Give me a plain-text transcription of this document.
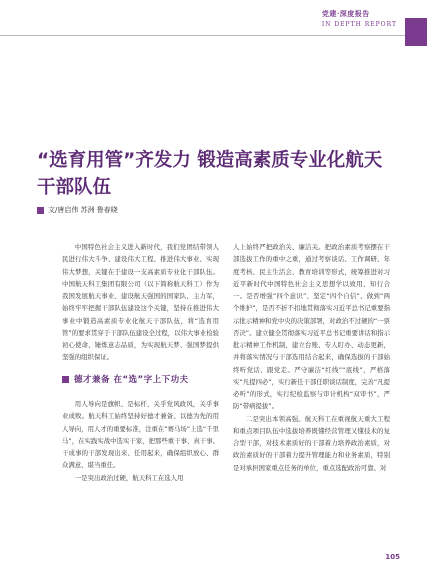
党建·深度报告
IN DEPTH REPORT
“选育用管”齐发力 锻造高素质专业化航天干部队伍
文/唐启伟 苏洲 鲁春晓

中国特色社会主义进入新时代，我们党团结带领人民进行伟大斗争、建设伟大工程、推进伟大事业、实现伟大梦想，关键在于建设一支高素质专业化干部队伍。中国航天科工集团有限公司（以下简称航天科工）作为我国发展航天事业、建设航天强国的国家队、主力军，始终牢牢把握干部队伍建设这个关键，坚持在推进伟大事业中锻造高素质专业化航天干部队伍，将“选育用管”的要求贯穿于干部队伍建设全过程，以伟大事业检验初心使命、锤炼意志品质，为实现航天梦、强国梦提供坚强的组织保证。

德才兼备 在“选”字上下功夫

用人导向是旗帜、是标杆，关乎党风政风，关乎事业成败。航天科工始终坚持好德才兼备、以德为先的用人导向，用人才的重要标准，注重在“赛马场”上选“千里马”，在实践实战中选实干家，把那些重干事、真干事、干成事的干部发现出来、任用起来，确保组织放心、群众满意、堪当重任。

一是突出政治过硬，航天科工在选人用

人上始终严把政治关、廉洁关。把政治素质考察摆在干部选拔工作的重中之重，通过考察谈话、工作调研、年度考核、民主生活会、教育培训等形式，统筹推进对习近平新时代中国特色社会主义思想学以致用、知行合一。是否增强“四个意识”、坚定“四个自信”、做到“两个维护”，是否不折不扣地贯彻落实习近平总书记重要指示批示精神和党中央的决策部署，对政治不过硬的“一票否决”。建立健全贯彻落实习近平总书记重要讲话和指示批示精神工作机制，建立台账、专人盯办、动态更新，并将落实情况与干部选用结合起来，确保选拔的干部始终听党话、跟党走。严守廉洁“红线”“底线”，严格落实“凡提四必”，实行新任干部任职谈话制度，完善“凡提必听”的形式，实行纪检监察与审计机构“双审书”，严防“带病提拔”。

二是突出本领高强。航天科工在重视航天重大工程和重点项目队伍中选拔培养既懂经营管理又懂技术的复合型干部，对技术素质好的干部着力培养政治素质，对政治素质好的干部着力提升管理能力和业务素质，特别是对承担国家重点任务的单位，重点选配政治可靠、对

105
